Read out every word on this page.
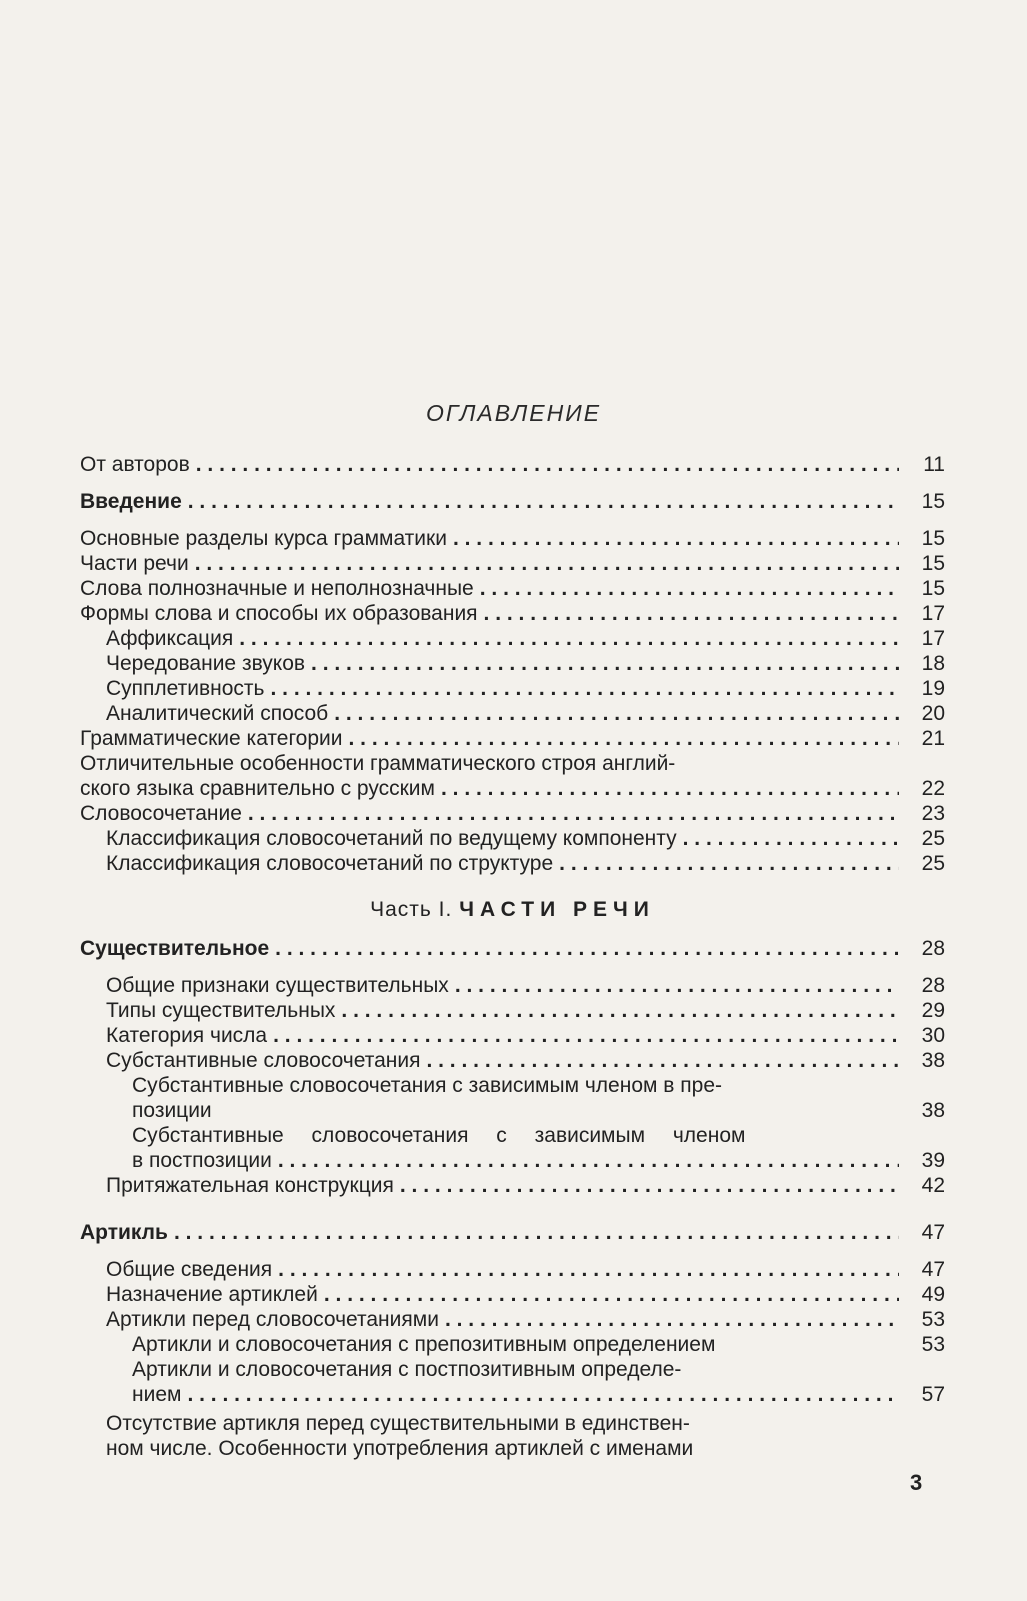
ОГЛАВЛЕНИЕ
От авторов . . .	11
Введение . . .	15
Основные разделы курса грамматики . . .	15
Части речи . . .	15
Слова полнозначные и неполнозначные . . .	15
Формы слова и способы их образования . . .	17
Аффиксация . . .	17
Чередование звуков . . .	18
Супплетивность . . .	19
Аналитический способ . . .	20
Грамматические категории . . .	21
Отличительные особенности грамматического строя англий-
ского языка сравнительно с русским . . .	22
Словосочетание . . .	23
Классификация словосочетаний по ведущему компоненту . . .	25
Классификация словосочетаний по структуре . . .	25
Часть I. ЧАСТИ РЕЧИ
Существительное . . .	28
Общие признаки существительных . . .	28
Типы существительных . . .	29
Категория числа . . .	30
Субстантивные словосочетания . . .	38
Субстантивные словосочетания с зависимым членом в пре-
позиции	38
Субстантивные словосочетания с зависимым членом
в постпозиции . . .	39
Притяжательная конструкция . . .	42
Артикль . . .	47
Общие сведения . . .	47
Назначение артиклей . . .	49
Артикли перед словосочетаниями . . .	53
Артикли и словосочетания с препозитивным определением	53
Артикли и словосочетания с постпозитивным определе-
нием . . .	57
Отсутствие артикля перед существительными в единствен-
ном числе. Особенности употребления артиклей с именами
3
